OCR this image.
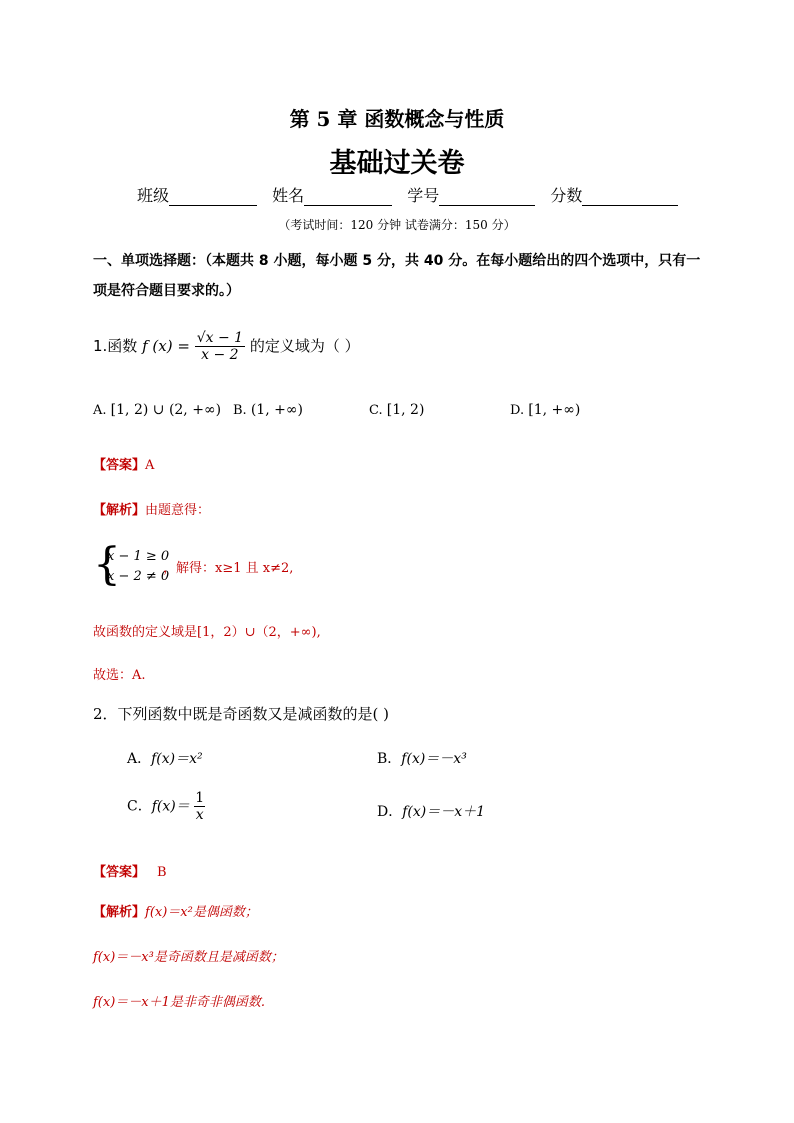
第 5 章 函数概念与性质
基础过关卷
班级	姓名	学号	分数
（考试时间：120 分钟 试卷满分：150 分）
一、单项选择题：（本题共 8 小题，每小题 5 分，共 40 分。在每小题给出的四个选项中，只有一项是符合题目要求的。）
1.函数 f $(x) = \frac{√x - 1}{x - 2}$ 的定义域为（ ）
A. [1, 2) ∪ (2, +∞) B. (1, +∞)	C. [1, 2)	D. [1, +∞)
【答案】A
【解析】由题意得：
{
x − 1 ≥ 0
x − 2 ≠ 0
，解得：x≥1 且 x≠2,
故函数的定义域是[1，2）∪（2，+∞),
故选：A.
2．下列函数中既是奇函数又是减函数的是( )
A．f(x)＝x²	B．f(x)＝－x³
C．$f(x)= \frac{1}{x}$	D．f(x)＝－x＋1
【答案】 B
【解析】f(x)＝x²是偶函数；
f(x)＝－x³是奇函数且是减函数；
f(x)＝－x＋1是非奇非偶函数.
